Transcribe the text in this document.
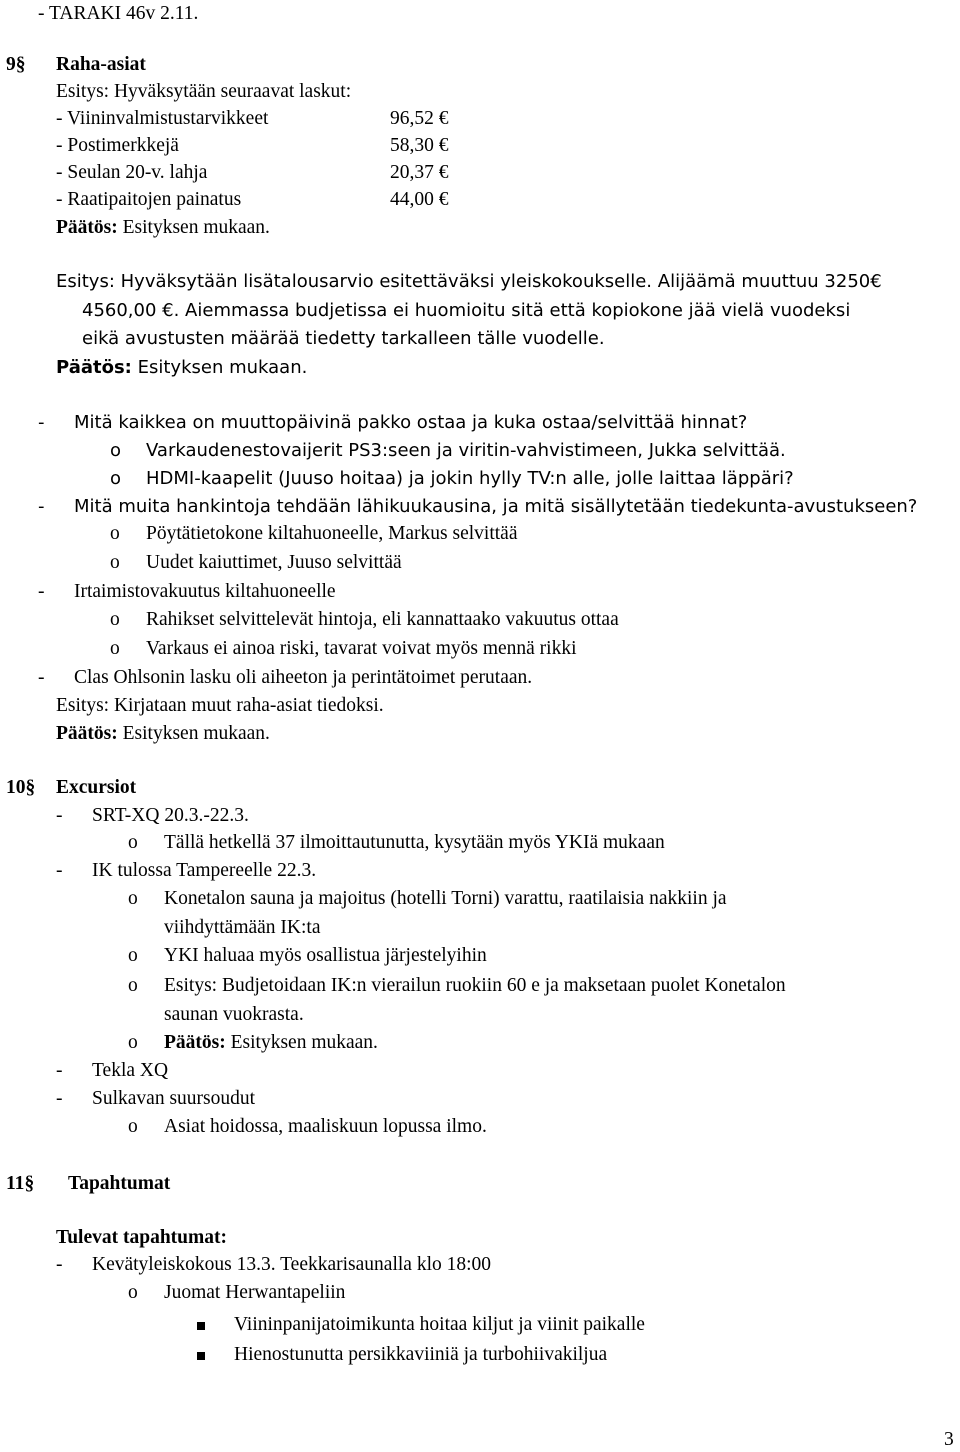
- TARAKI 46v 2.11.
9§ Raha-asiat
Esitys: Hyväksytään seuraavat laskut:
- Viininvalmistustarvikkeet	96,52 €
- Postimerkkejä	58,30 €
- Seulan 20-v. lahja	20,37 €
- Raatipaitojen painatus	44,00 €
Päätös: Esityksen mukaan.
Esitys: Hyväksytään lisätalousarvio esitettäväksi yleiskokoukselle. Alijäämä muuttuu 3250€
4560,00 €. Aiemmassa budjetissa ei huomioitu sitä että kopiokone jää vielä vuodeksi
eikä avustusten määrää tiedetty tarkalleen tälle vuodelle.
Päätös: Esityksen mukaan.
- Mitä kaikkea on muuttopäivinä pakko ostaa ja kuka ostaa/selvittää hinnat?
o Varkaudenestovaijerit PS3:seen ja viritin-vahvistimeen, Jukka selvittää.
o HDMI-kaapelit (Juuso hoitaa) ja jokin hylly TV:n alle, jolle laittaa läppäri?
- Mitä muita hankintoja tehdään lähikuukausina, ja mitä sisällytetään tiedekunta-avustukseen?
o Pöytätietokone kiltahuoneelle, Markus selvittää
o Uudet kaiuttimet, Juuso selvittää
- Irtaimistovakuutus kiltahuoneelle
o Rahikset selvittelevät hintoja, eli kannattaako vakuutus ottaa
o Varkaus ei ainoa riski, tavarat voivat myös mennä rikki
- Clas Ohlsonin lasku oli aiheeton ja perintätoimet perutaan.
Esitys: Kirjataan muut raha-asiat tiedoksi.
Päätös: Esityksen mukaan.
10§ Excursiot
- SRT-XQ 20.3.-22.3.
o Tällä hetkellä 37 ilmoittautunutta, kysytään myös YKIä mukaan
- IK tulossa Tampereelle 22.3.
o Konetalon sauna ja majoitus (hotelli Torni) varattu, raatilaisia nakkiin ja
viihdyttämään IK:ta
o YKI haluaa myös osallistua järjestelyihin
o Esitys: Budjetoidaan IK:n vierailun ruokiin 60 e ja maksetaan puolet Konetalon
saunan vuokrasta.
o Päätös: Esityksen mukaan.
- Tekla XQ
- Sulkavan suursoudut
o Asiat hoidossa, maaliskuun lopussa ilmo.
11§ Tapahtumat
Tulevat tapahtumat:
- Kevätyleiskokous 13.3. Teekkarisaunalla klo 18:00
o Juomat Herwantapeliin
Viininpanijatoimikunta hoitaa kiljut ja viinit paikalle
Hienostunutta persikkaviiniä ja turbohiivakiljua
3
